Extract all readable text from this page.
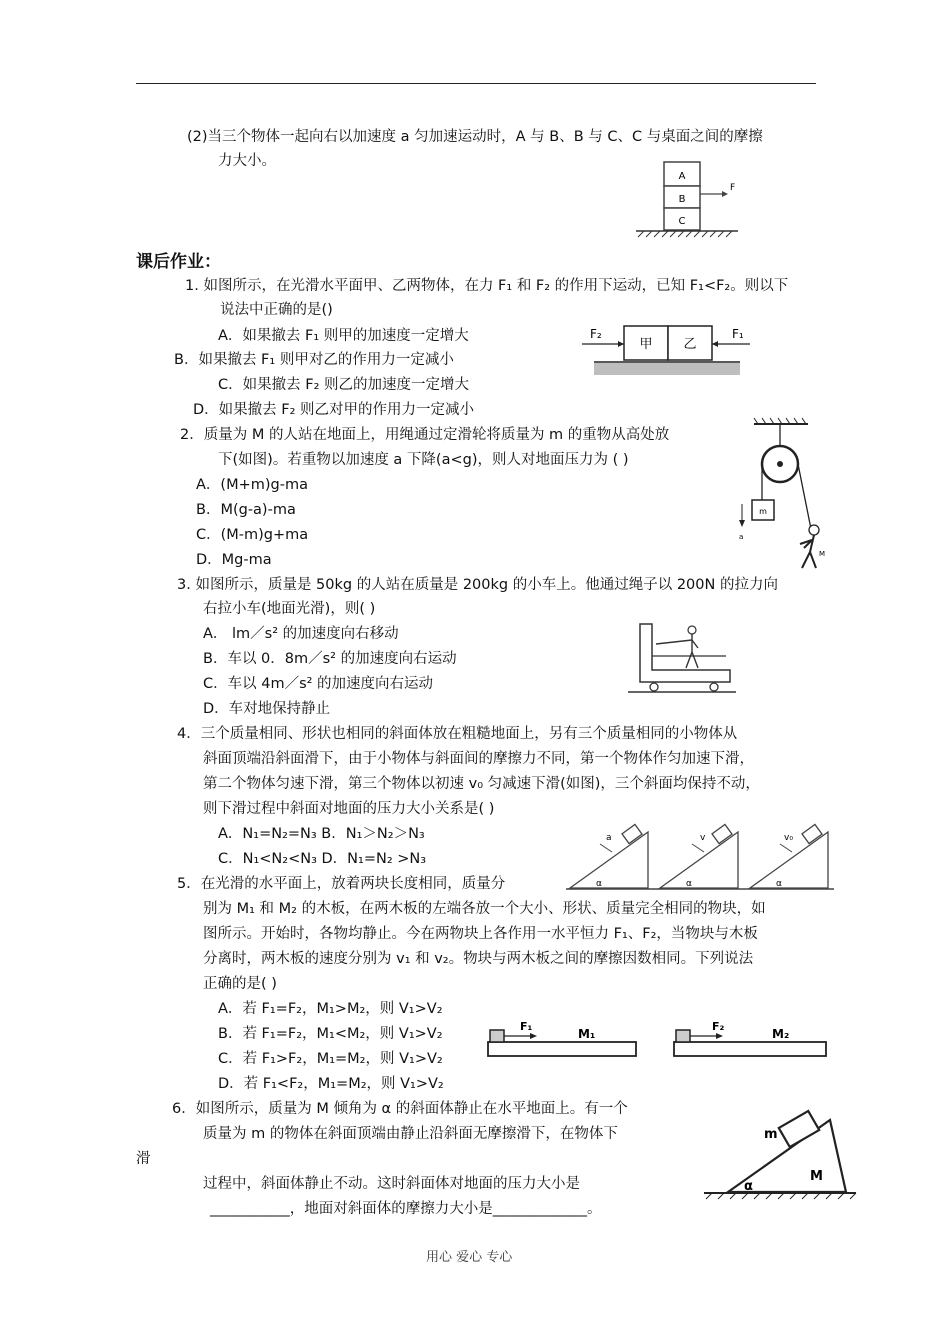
(2)当三个物体一起向右以加速度 a 匀加速运动时，A 与 B、B 与 C、C 与桌面之间的摩擦
力大小。
A
B
C
F
课后作业：
1. 如图所示，在光滑水平面甲、乙两物体，在力 F₁ 和 F₂ 的作用下运动，已知 F₁<F₂。则以下
说法中正确的是()
A．如果撤去 F₁ 则甲的加速度一定增大
B．如果撤去 F₁ 则甲对乙的作用力一定减小
C．如果撤去 F₂ 则乙的加速度一定增大
D．如果撤去 F₂ 则乙对甲的作用力一定减小
甲 乙
F₂	F₁
2．质量为 M 的人站在地面上，用绳通过定滑轮将质量为 m 的重物从高处放
下(如图)。若重物以加速度 a 下降(a<g)，则人对地面压力为 ( )
A．(M+m)g-ma
B．M(g-a)-ma
C．(M-m)g+ma
D．Mg-ma
m
a
M
3. 如图所示，质量是 50kg 的人站在质量是 200kg 的小车上。他通过绳子以 200N 的拉力向
右拉小车(地面光滑)，则( )
A． lm／s² 的加速度向右移动
B．车以 0．8m／s² 的加速度向右运动
C．车以 4m／s² 的加速度向右运动
D．车对地保持静止
4．三个质量相同、形状也相同的斜面体放在粗糙地面上，另有三个质量相同的小物体从
斜面顶端沿斜面滑下，由于小物体与斜面间的摩擦力不同，第一个物体作匀加速下滑，
第二个物体匀速下滑，第三个物体以初速 v₀ 匀减速下滑(如图)，三个斜面均保持不动，
则下滑过程中斜面对地面的压力大小关系是( )
A．N₁=N₂=N₃ B．N₁＞N₂＞N₃
C．N₁<N₂<N₃ D．N₁=N₂ >N₃
a
α
v
α
v₀
α
5．在光滑的水平面上，放着两块长度相同，质量分
别为 M₁ 和 M₂ 的木板，在两木板的左端各放一个大小、形状、质量完全相同的物块，如
图所示。开始时，各物均静止。今在两物块上各作用一水平恒力 F₁、F₂，当物块与木板
分离时，两木板的速度分别为 v₁ 和 v₂。物块与两木板之间的摩擦因数相同。下列说法
正确的是( )
A．若 F₁=F₂，M₁>M₂，则 V₁>V₂
B．若 F₁=F₂，M₁<M₂，则 V₁>V₂
C．若 F₁>F₂，M₁=M₂，则 V₁>V₂
D．若 F₁<F₂，M₁=M₂，则 V₁>V₂
F₁
M₁
F₂
M₂
6．如图所示，质量为 M 倾角为 α 的斜面体静止在水平地面上。有一个
质量为 m 的物体在斜面顶端由静止沿斜面无摩擦滑下，在物体下
滑
过程中，斜面体静止不动。这时斜面体对地面的压力大小是
___________，地面对斜面体的摩擦力大小是_____________。
m
M
α
用心 爱心 专心
